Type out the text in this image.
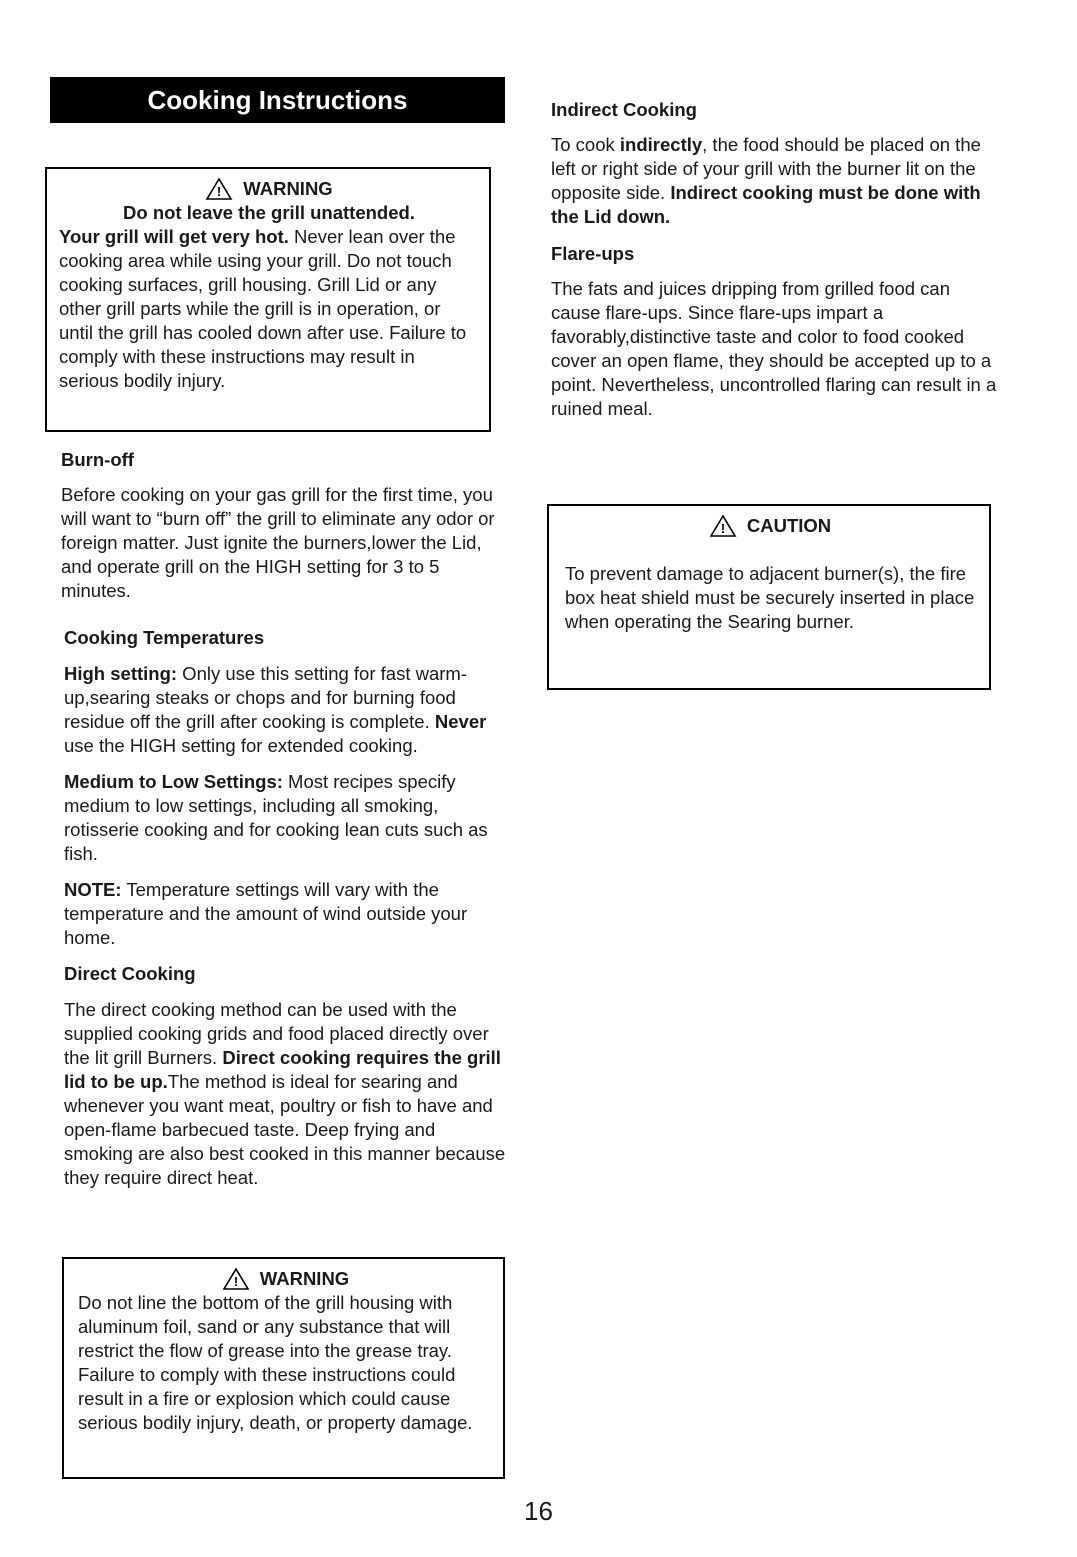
Cooking Instructions
! WARNING
Do not leave the grill unattended.
Your grill will get very hot. Never lean over the cooking area while using your grill. Do not touch cooking surfaces, grill housing. Grill Lid or any other grill parts while the grill is in operation, or until the grill has cooled down after use. Failure to comply with these instructions may result in serious bodily injury.
Burn-off
Before cooking on your gas grill for the first time, you will want to “burn off” the grill to eliminate any odor or foreign matter. Just ignite the burners,lower the Lid, and operate grill on the HIGH setting for 3 to 5 minutes.
Cooking Temperatures
High setting: Only use this setting for fast warm-up,searing steaks or chops and for burning food residue off the grill after cooking is complete. Never use the HIGH setting for extended cooking.
Medium to Low Settings: Most recipes specify medium to low settings, including all smoking, rotisserie cooking and for cooking lean cuts such as fish.
NOTE: Temperature settings will vary with the temperature and the amount of wind outside your home.
Direct Cooking
The direct cooking method can be used with the supplied cooking grids and food placed directly over the lit grill Burners. Direct cooking requires the grill lid to be up.The method is ideal for searing and whenever you want meat, poultry or fish to have and open-flame barbecued taste. Deep frying and smoking are also best cooked in this manner because they require direct heat.
! WARNING
Do not line the bottom of the grill housing with aluminum foil, sand or any substance that will restrict the flow of grease into the grease tray. Failure to comply with these instructions could result in a fire or explosion which could cause serious bodily injury, death, or property damage.
Indirect Cooking
To cook indirectly, the food should be placed on the left or right side of your grill with the burner lit on the opposite side. Indirect cooking must be done with the Lid down.
Flare-ups
The fats and juices dripping from grilled food can cause flare-ups. Since flare-ups impart a favorably,distinctive taste and color to food cooked cover an open flame, they should be accepted up to a point. Nevertheless, uncontrolled flaring can result in a ruined meal.
! CAUTION
To prevent damage to adjacent burner(s), the fire box heat shield must be securely inserted in place when operating the Searing burner.
16
